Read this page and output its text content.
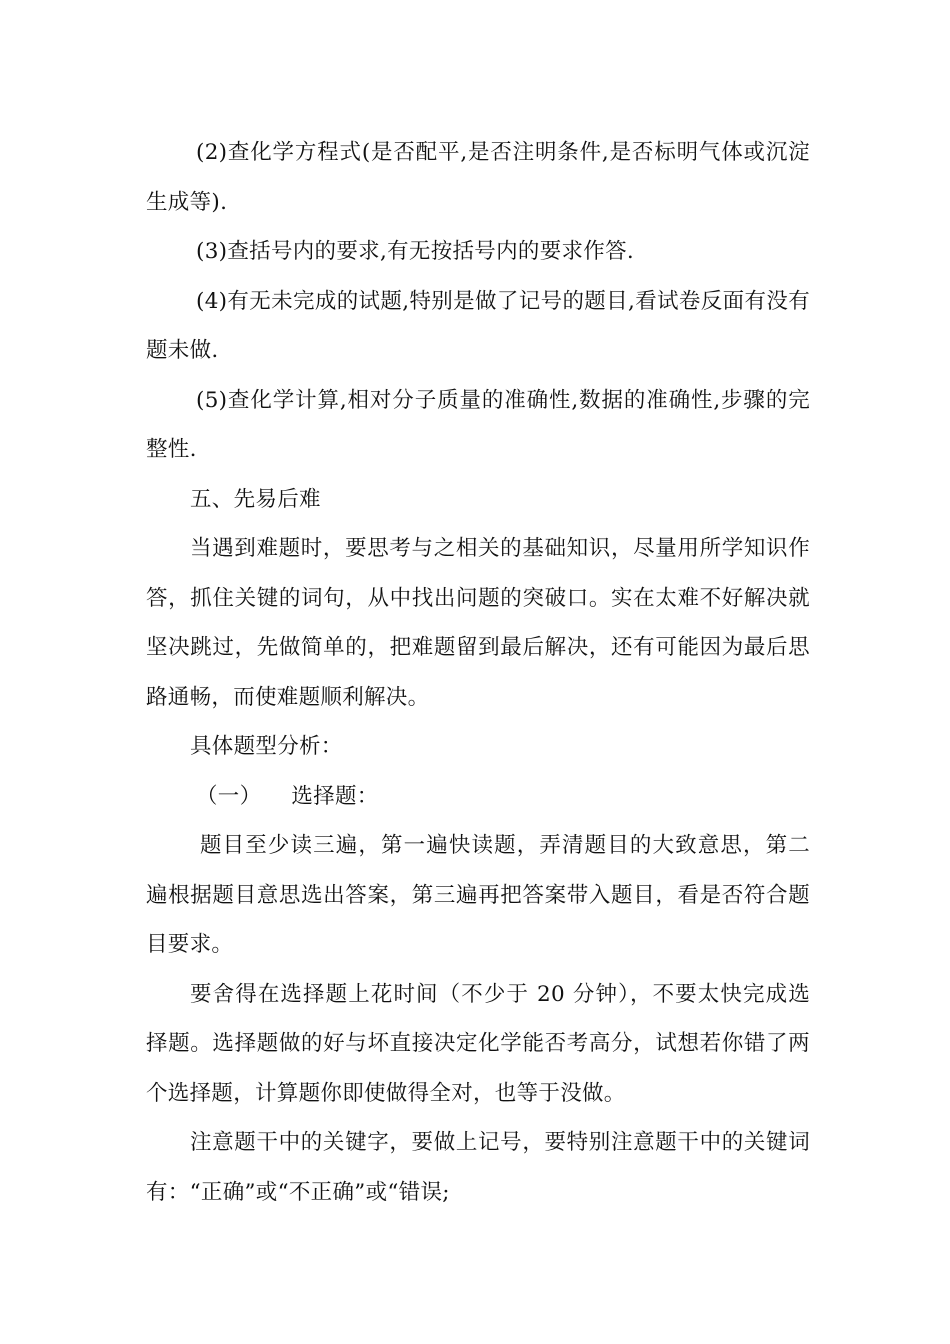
(2)查化学方程式(是否配平,是否注明条件,是否标明气体或沉淀生成等).

(3)查括号内的要求,有无按括号内的要求作答.

(4)有无未完成的试题,特别是做了记号的题目,看试卷反面有没有题未做.

(5)查化学计算,相对分子质量的准确性,数据的准确性,步骤的完整性.

五、先易后难

当遇到难题时，要思考与之相关的基础知识，尽量用所学知识作答，抓住关键的词句，从中找出问题的突破口。实在太难不好解决就坚决跳过，先做简单的，把难题留到最后解决，还有可能因为最后思路通畅，而使难题顺利解决。

具体题型分析：

（一） 选择题：

题目至少读三遍，第一遍快读题，弄清题目的大致意思，第二遍根据题目意思选出答案，第三遍再把答案带入题目，看是否符合题目要求。

要舍得在选择题上花时间（不少于 20 分钟），不要太快完成选择题。选择题做的好与坏直接决定化学能否考高分，试想若你错了两个选择题，计算题你即使做得全对，也等于没做。

注意题干中的关键字，要做上记号，要特别注意题干中的关键词有：“正确”或“不正确”或“错误;
